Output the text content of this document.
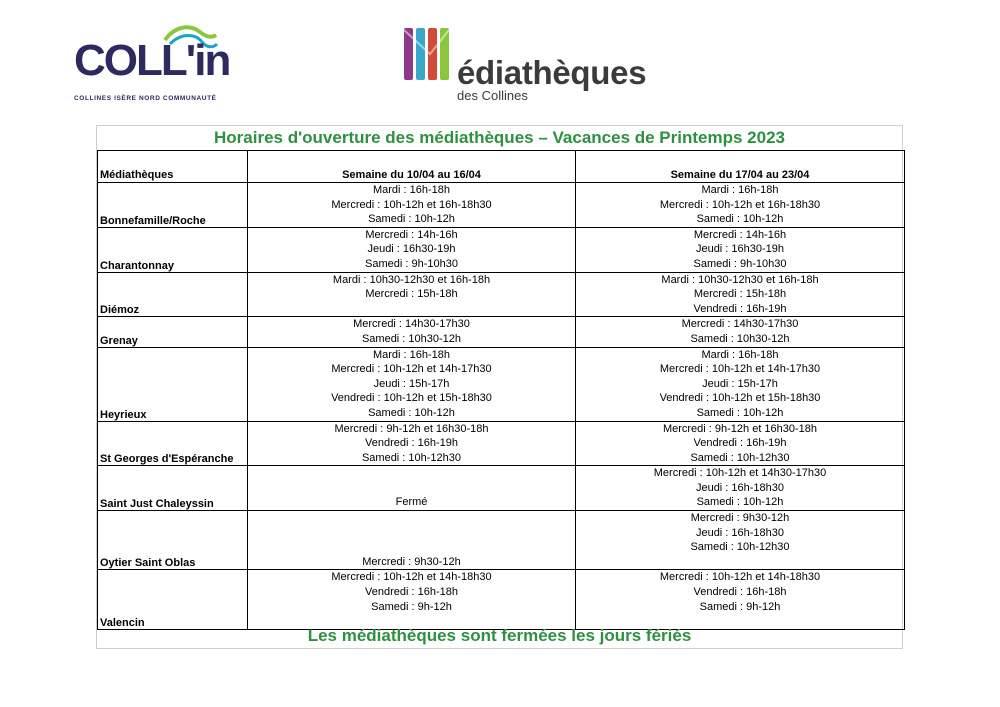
COLL'in
COLLINES ISÈRE NORD COMMUNAUTÉ
édiathèques
des Collines
Horaires d'ouverture des médiathèques – Vacances de Printemps 2023
Médiathèques	Semaine du 10/04 au 16/04	Semaine du 17/04 au 23/04
Bonnefamille/Roche	Mardi : 16h-18h
Mercredi : 10h-12h et 16h-18h30
Samedi : 10h-12h	Mardi : 16h-18h
Mercredi : 10h-12h et 16h-18h30
Samedi : 10h-12h

Charantonnay	Mercredi : 14h-16h
Jeudi : 16h30-19h
Samedi : 9h-10h30	Mercredi : 14h-16h
Jeudi : 16h30-19h
Samedi : 9h-10h30

Diémoz	Mardi : 10h30-12h30 et 16h-18h
Mercredi : 15h-18h	Mardi : 10h30-12h30 et 16h-18h
Mercredi : 15h-18h
Vendredi : 16h-19h

Grenay	Mercredi : 14h30-17h30
Samedi : 10h30-12h	Mercredi : 14h30-17h30
Samedi : 10h30-12h

Heyrieux	Mardi : 16h-18h
Mercredi : 10h-12h et 14h-17h30
Jeudi : 15h-17h
Vendredi : 10h-12h et 15h-18h30
Samedi : 10h-12h	Mardi : 16h-18h
Mercredi : 10h-12h et 14h-17h30
Jeudi : 15h-17h
Vendredi : 10h-12h et 15h-18h30
Samedi : 10h-12h

St Georges d'Espéranche	Mercredi : 9h-12h et 16h30-18h
Vendredi : 16h-19h
Samedi : 10h-12h30	Mercredi : 9h-12h et 16h30-18h
Vendredi : 16h-19h
Samedi : 10h-12h30

Saint Just Chaleyssin	Fermé	Mercredi : 10h-12h et 14h30-17h30
Jeudi : 16h-18h30
Samedi : 10h-12h

Oytier Saint Oblas	Mercredi : 9h30-12h	Mercredi : 9h30-12h
Jeudi : 16h-18h30
Samedi : 10h-12h30

Valencin	Mercredi : 10h-12h et 14h-18h30
Vendredi : 16h-18h
Samedi : 9h-12h	Mercredi : 10h-12h et 14h-18h30
Vendredi : 16h-18h
Samedi : 9h-12h

Les médiathèques sont fermées les jours fériés
